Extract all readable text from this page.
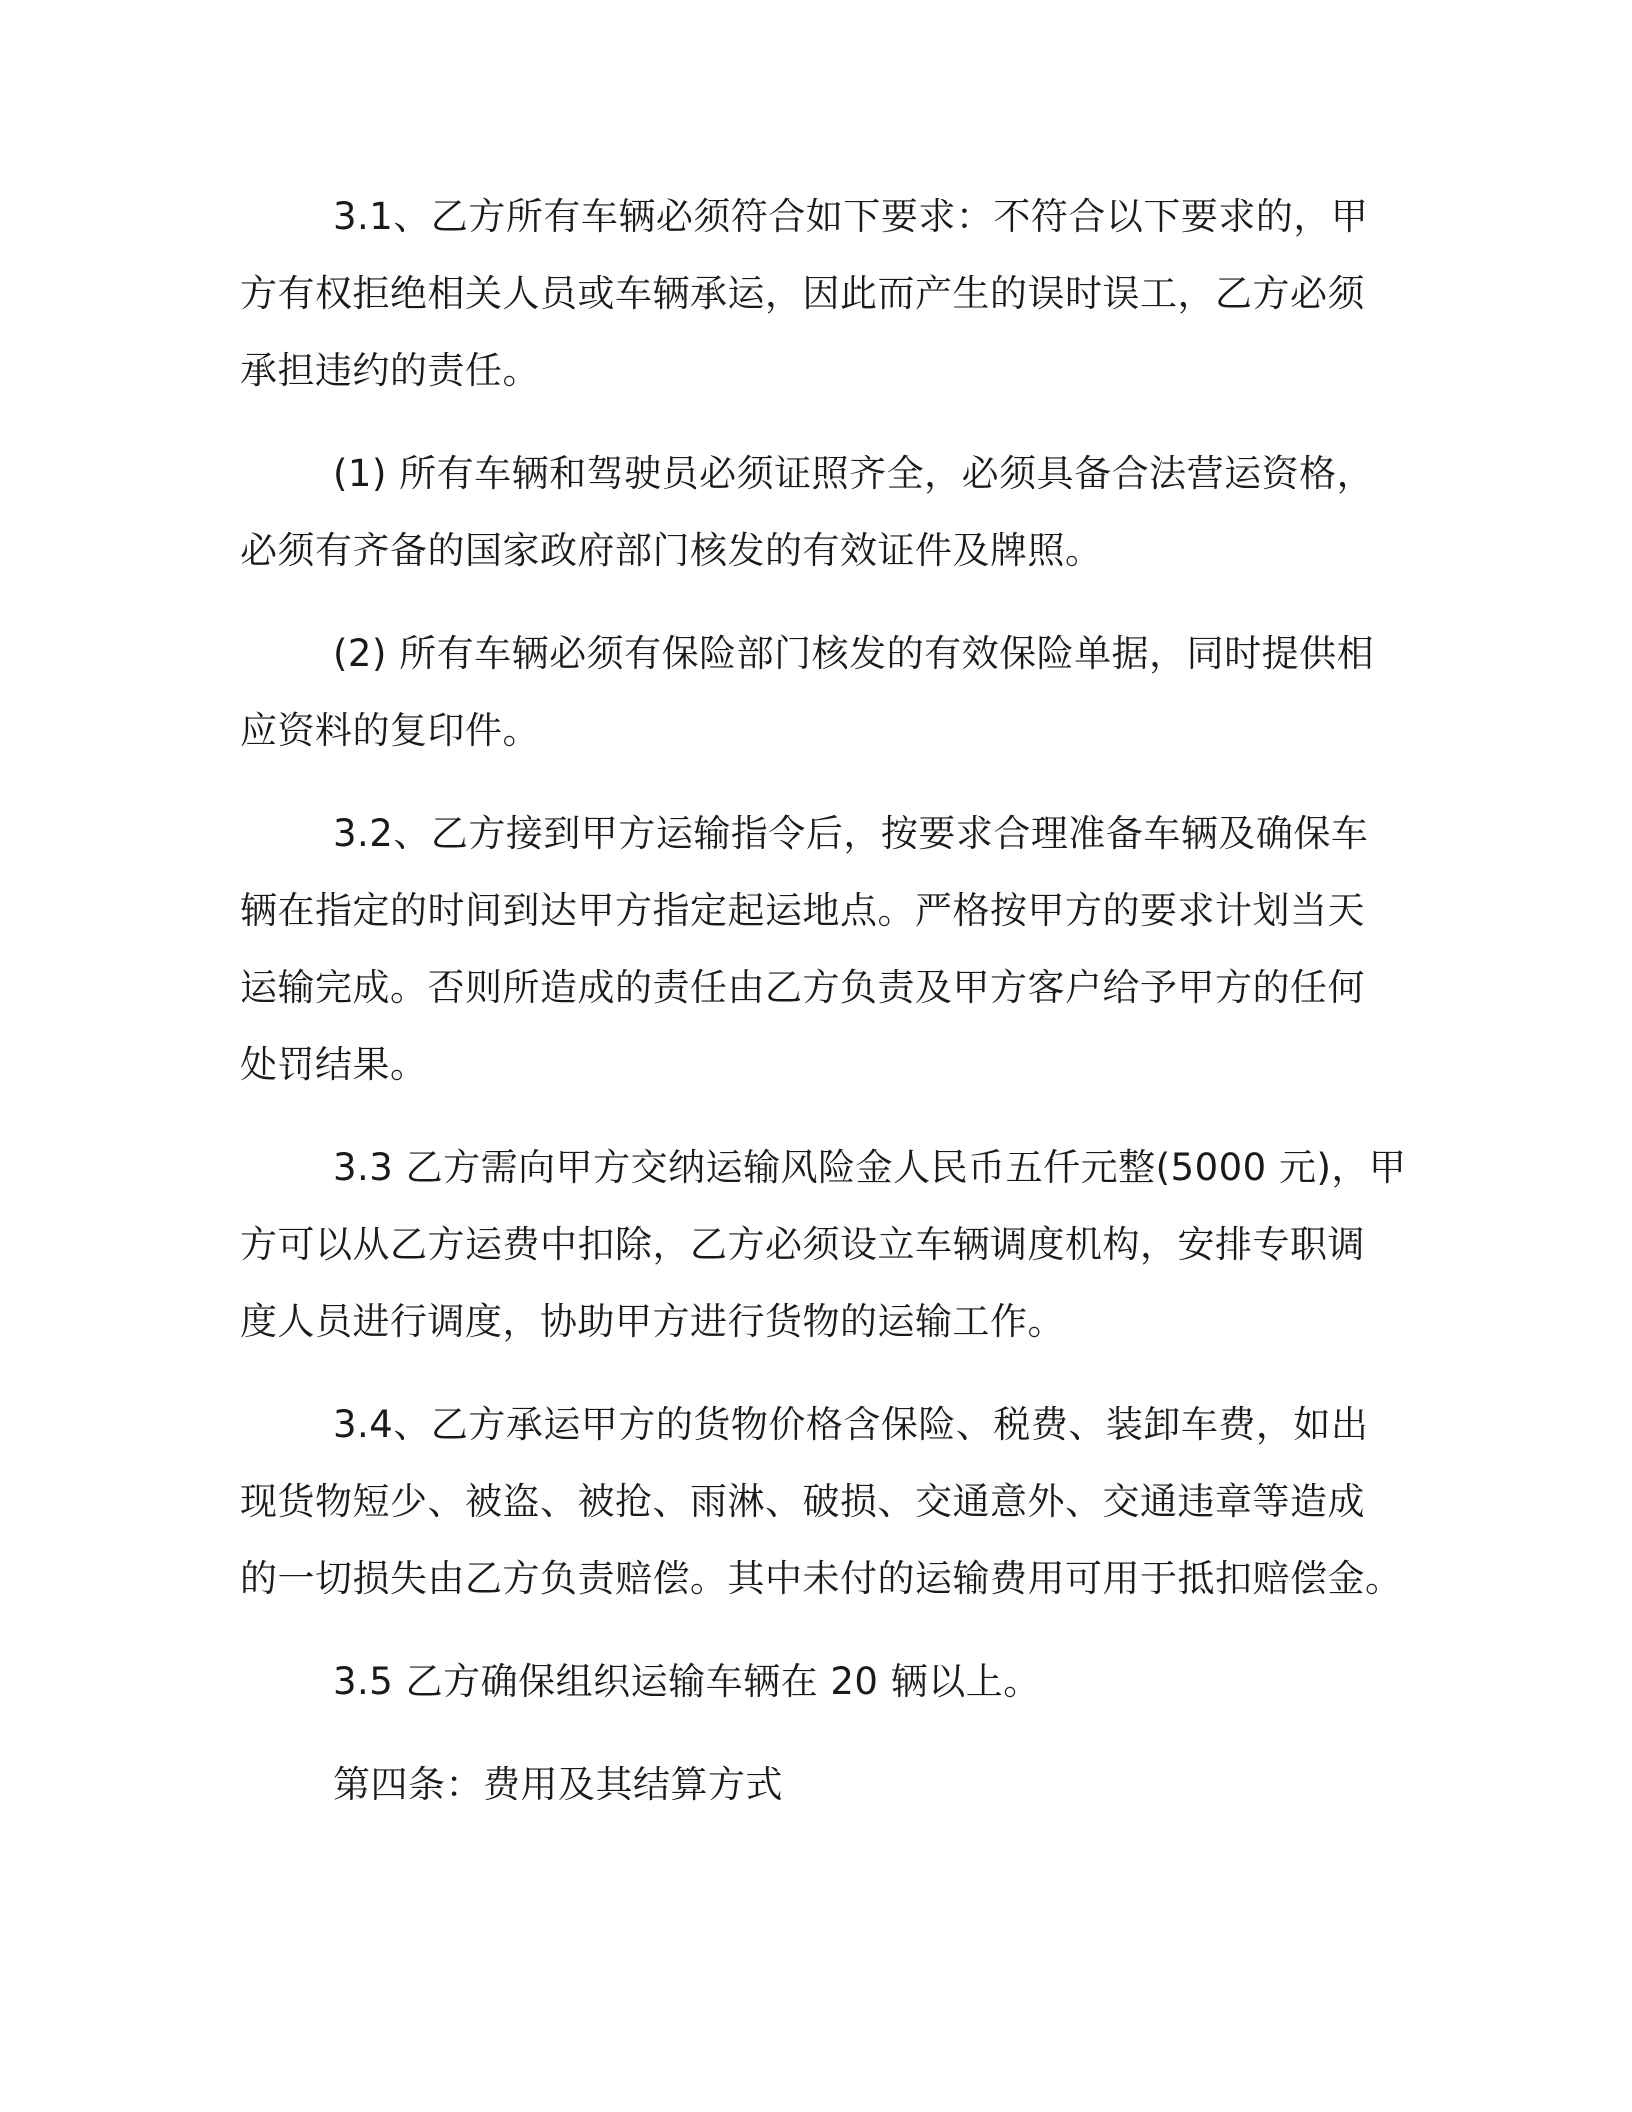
3.1、乙方所有车辆必须符合如下要求：不符合以下要求的，甲
方有权拒绝相关人员或车辆承运，因此而产生的误时误工，乙方必须
承担违约的责任。
(1) 所有车辆和驾驶员必须证照齐全，必须具备合法营运资格，
必须有齐备的国家政府部门核发的有效证件及牌照。
(2) 所有车辆必须有保险部门核发的有效保险单据，同时提供相
应资料的复印件。
3.2、乙方接到甲方运输指令后，按要求合理准备车辆及确保车
辆在指定的时间到达甲方指定起运地点。严格按甲方的要求计划当天
运输完成。否则所造成的责任由乙方负责及甲方客户给予甲方的任何
处罚结果。
3.3 乙方需向甲方交纳运输风险金人民币五仟元整(5000 元)，甲
方可以从乙方运费中扣除，乙方必须设立车辆调度机构，安排专职调
度人员进行调度，协助甲方进行货物的运输工作。
3.4、乙方承运甲方的货物价格含保险、税费、装卸车费，如出
现货物短少、被盗、被抢、雨淋、破损、交通意外、交通违章等造成
的一切损失由乙方负责赔偿。其中未付的运输费用可用于抵扣赔偿金。
3.5 乙方确保组织运输车辆在 20 辆以上。
第四条：费用及其结算方式
